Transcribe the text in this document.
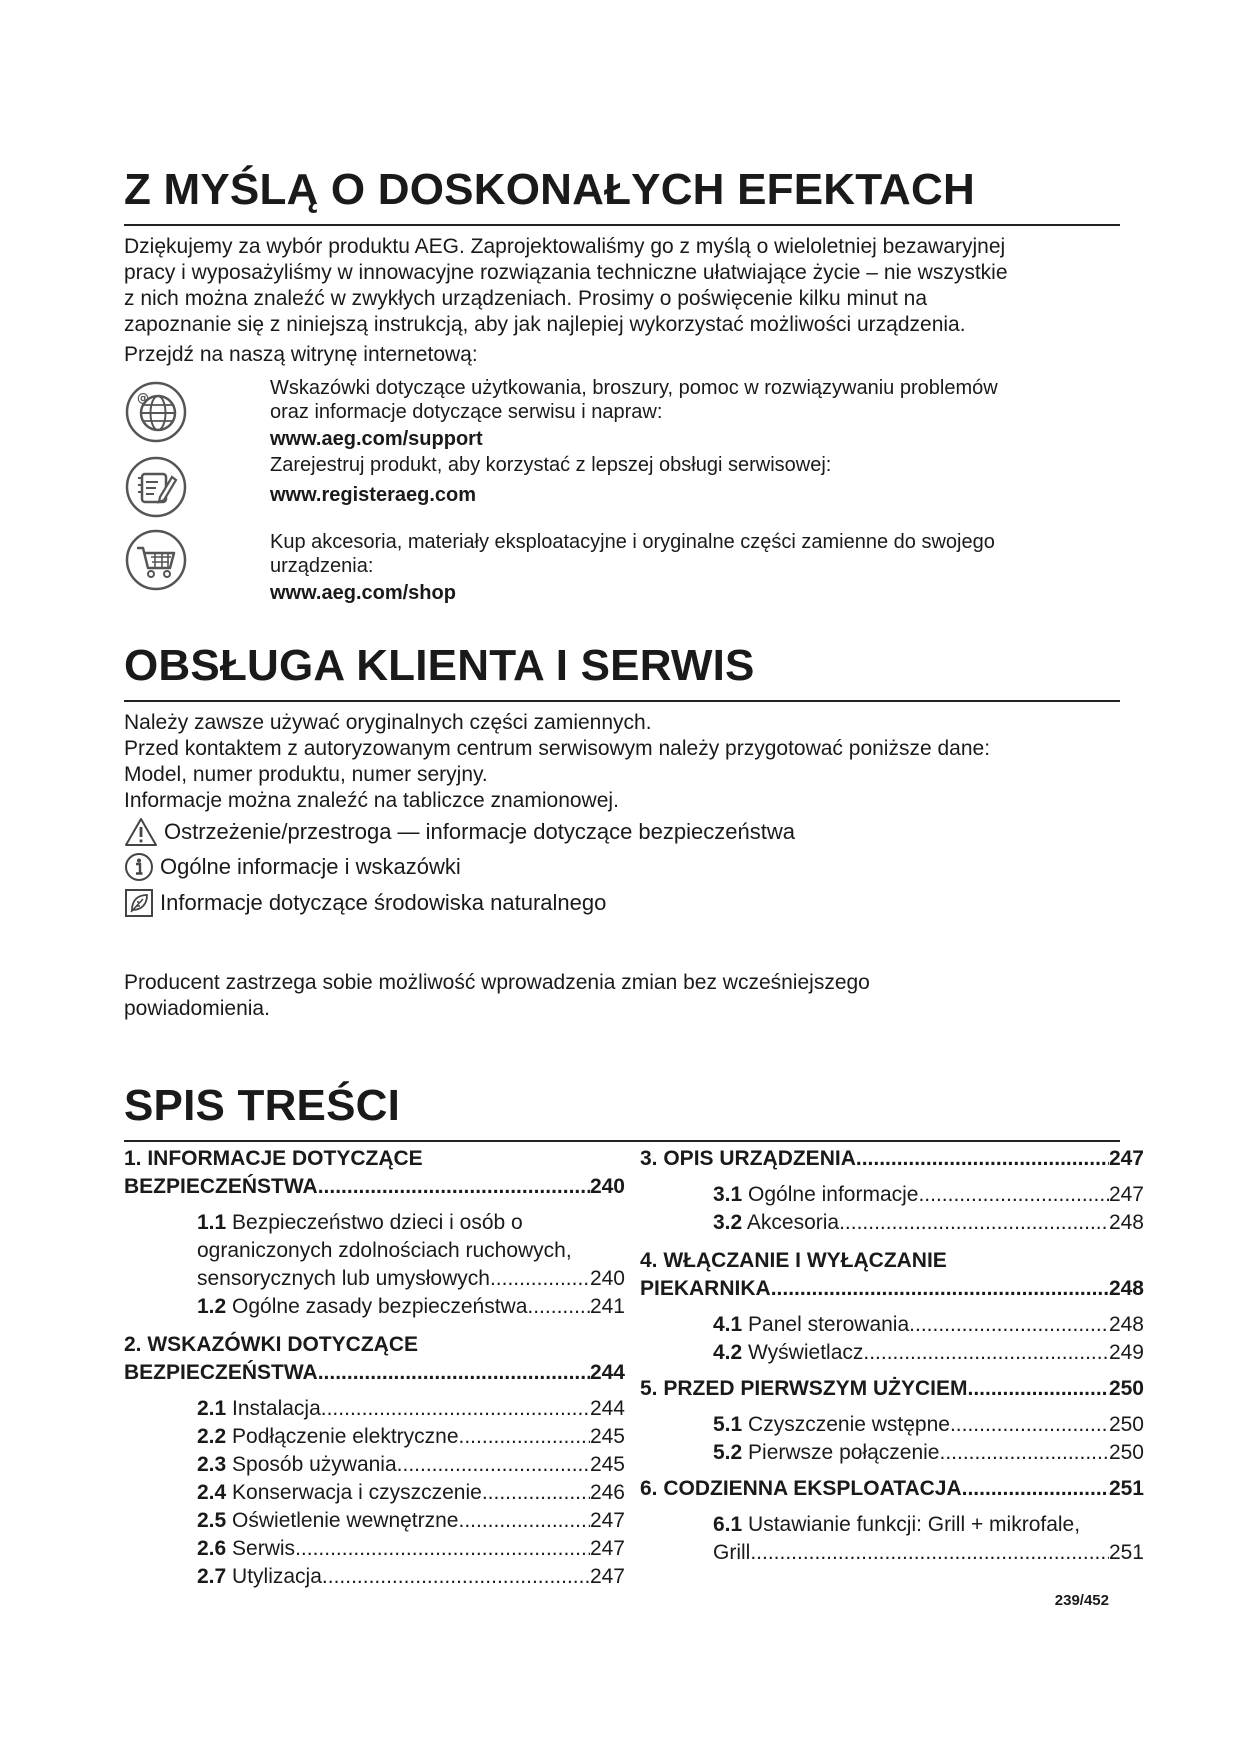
Z MYŚLĄ O DOSKONAŁYCH EFEKTACH

Dziękujemy za wybór produktu AEG. Zaprojektowaliśmy go z myślą o wieloletniej bezawaryjnej
pracy i wyposażyliśmy w innowacyjne rozwiązania techniczne ułatwiające życie – nie wszystkie
z nich można znaleźć w zwykłych urządzeniach. Prosimy o poświęcenie kilku minut na
zapoznanie się z niniejszą instrukcją, aby jak najlepiej wykorzystać możliwości urządzenia.

Przejdź na naszą witrynę internetową:

@	Wskazówki dotyczące użytkowania, broszury, pomoc w rozwiązywaniu problemów
oraz informacje dotyczące serwisu i napraw:
www.aeg.com/support
Zarejestruj produkt, aby korzystać z lepszej obsługi serwisowej:
www.registeraeg.com
Kup akcesoria, materiały eksploatacyjne i oryginalne części zamienne do swojego
urządzenia:
www.aeg.com/shop
OBSŁUGA KLIENTA I SERWIS

Należy zawsze używać oryginalnych części zamiennych.
Przed kontaktem z autoryzowanym centrum serwisowym należy przygotować poniższe dane:
Model, numer produktu, numer seryjny.
Informacje można znaleźć na tabliczce znamionowej.

Ostrzeżenie/przestroga — informacje dotyczące bezpieczeństwa
Ogólne informacje i wskazówki
Informacje dotyczące środowiska naturalnego

Producent zastrzega sobie możliwość wprowadzenia zmian bez wcześniejszego
powiadomienia.

SPIS TREŚCI
1. INFORMACJE DOTYCZĄCE
BEZPIECZEŃSTWA .....	240
1.1 Bezpieczeństwo dzieci i osób o
ograniczonych zdolnościach ruchowych,
sensorycznych lub umysłowych .....	240
1.2 Ogólne zasady bezpieczeństwa .....	241
2. WSKAZÓWKI DOTYCZĄCE
BEZPIECZEŃSTWA .....	244
2.1 Instalacja .....	244
2.2 Podłączenie elektryczne .....	245
2.3 Sposób używania .....	245
2.4 Konserwacja i czyszczenie .....	246
2.5 Oświetlenie wewnętrzne .....	247
2.6 Serwis .....	247
2.7 Utylizacja .....	247
3. OPIS URZĄDZENIA .....	247
3.1 Ogólne informacje .....	247
3.2 Akcesoria .....	248
4. WŁĄCZANIE I WYŁĄCZANIE
PIEKARNIKA .....	248
4.1 Panel sterowania .....	248
4.2 Wyświetlacz .....	249
5. PRZED PIERWSZYM UŻYCIEM .....	250
5.1 Czyszczenie wstępne .....	250
5.2 Pierwsze połączenie .....	250
6. CODZIENNA EKSPLOATACJA .....	251
6.1 Ustawianie funkcji: Grill + mikrofale,
Grill .....	251
239/452
